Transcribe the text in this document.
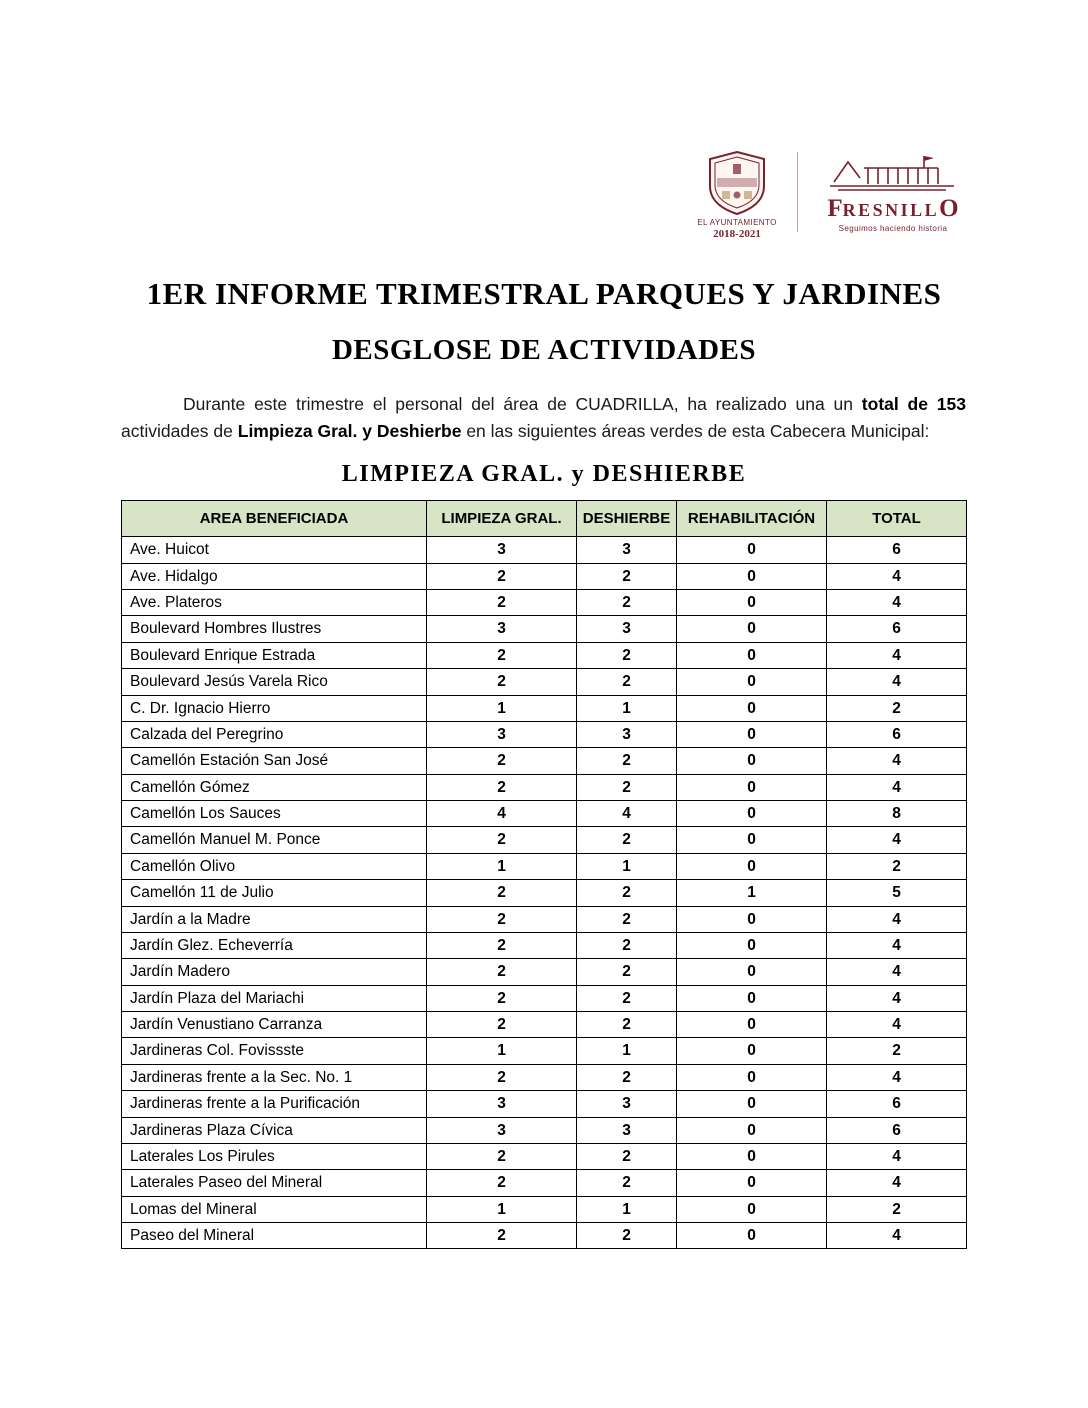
EL AYUNTAMIENTO
2018-2021
FRESNILLO
Seguimos haciendo historia
1ER INFORME TRIMESTRAL PARQUES Y JARDINES
DESGLOSE DE ACTIVIDADES

Durante este trimestre el personal del área de CUADRILLA, ha realizado una un total de 153 actividades de Limpieza Gral. y Deshierbe en las siguientes áreas verdes de esta Cabecera Municipal:

LIMPIEZA GRAL. y DESHIERBE
AREA BENEFICIADA	LIMPIEZA GRAL.	DESHIERBE	REHABILITACIÓN	TOTAL
Ave. Huicot	3	3	0	6
Ave. Hidalgo	2	2	0	4
Ave. Plateros	2	2	0	4
Boulevard Hombres Ilustres	3	3	0	6
Boulevard Enrique Estrada	2	2	0	4
Boulevard Jesús Varela Rico	2	2	0	4
C. Dr. Ignacio Hierro	1	1	0	2
Calzada del Peregrino	3	3	0	6
Camellón Estación San José	2	2	0	4
Camellón Gómez	2	2	0	4
Camellón Los Sauces	4	4	0	8
Camellón Manuel M. Ponce	2	2	0	4
Camellón Olivo	1	1	0	2
Camellón 11 de Julio	2	2	1	5
Jardín a la Madre	2	2	0	4
Jardín Glez. Echeverría	2	2	0	4
Jardín Madero	2	2	0	4
Jardín Plaza del Mariachi	2	2	0	4
Jardín Venustiano Carranza	2	2	0	4
Jardineras Col. Fovissste	1	1	0	2
Jardineras frente a la Sec. No. 1	2	2	0	4
Jardineras frente a la Purificación	3	3	0	6
Jardineras Plaza Cívica	3	3	0	6
Laterales Los Pirules	2	2	0	4
Laterales Paseo del Mineral	2	2	0	4
Lomas del Mineral	1	1	0	2
Paseo del Mineral	2	2	0	4
